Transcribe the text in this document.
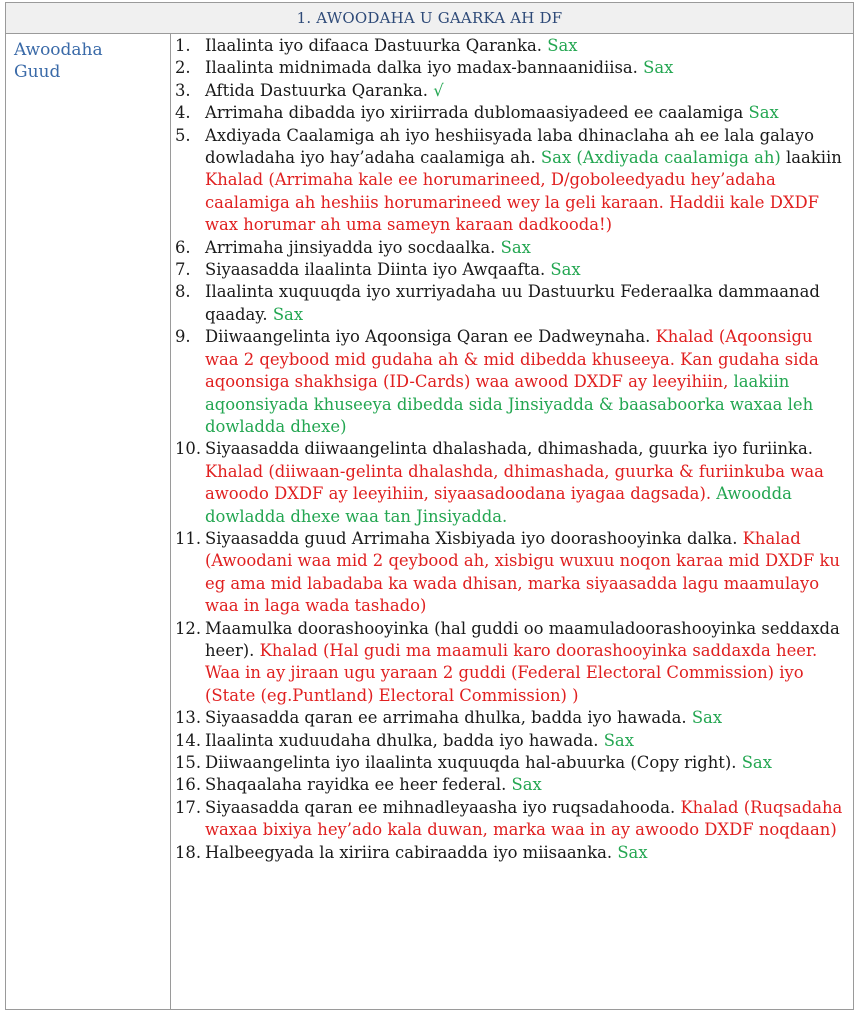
1. AWOODAHA U GAARKA AH DF
Awoodaha
Guud
1. Ilaalinta iyo difaaca Dastuurka Qaranka. Sax
2. Ilaalinta midnimada dalka iyo madax-bannaanidiisa. Sax
3. Aftida Dastuurka Qaranka. √
4. Arrimaha dibadda iyo xiriirrada dublomaasiyadeed ee caalamiga Sax
5. Axdiyada Caalamiga ah iyo heshiisyada laba dhinaclaha ah ee lala galayo dowladaha iyo hay’adaha caalamiga ah. Sax (Axdiyada caalamiga ah) laakiin Khalad (Arrimaha kale ee horumarineed, D/goboleedyadu hey’adaha caalamiga ah heshiis horumarineed wey la geli karaan. Haddii kale DXDF wax horumar ah uma sameyn karaan dadkooda!)
6. Arrimaha jinsiyadda iyo socdaalka. Sax
7. Siyaasadda ilaalinta Diinta iyo Awqaafta. Sax
8. Ilaalinta xuquuqda iyo xurriyadaha uu Dastuurku Federaalka dammaanad qaaday. Sax
9. Diiwaangelinta iyo Aqoonsiga Qaran ee Dadweynaha. Khalad (Aqoonsigu waa 2 qeybood mid gudaha ah & mid dibedda khuseeya. Kan gudaha sida aqoonsiga shakhsiga (ID-Cards) waa awood DXDF ay leeyihiin, laakiin aqoonsiyada khuseeya dibedda sida Jinsiyadda & baasaboorka waxaa leh dowladda dhexe)
10. Siyaasadda diiwaangelinta dhalashada, dhimashada, guurka iyo furiinka. Khalad (diiwaan-gelinta dhalashda, dhimashada, guurka & furiinkuba waa awoodo DXDF ay leeyihiin, siyaasadoodana iyagaa dagsada). Awoodda dowladda dhexe waa tan Jinsiyadda.
11. Siyaasadda guud Arrimaha Xisbiyada iyo doorashooyinka dalka. Khalad (Awoodani waa mid 2 qeybood ah, xisbigu wuxuu noqon karaa mid DXDF ku eg ama mid labadaba ka wada dhisan, marka siyaasadda lagu maamulayo waa in laga wada tashado)
12. Maamulka doorashooyinka (hal guddi oo maamuladoorashooyinka seddaxda heer). Khalad (Hal gudi ma maamuli karo doorashooyinka saddaxda heer. Waa in ay jiraan ugu yaraan 2 guddi (Federal Electoral Commission) iyo (State (eg.Puntland) Electoral Commission) )
13. Siyaasadda qaran ee arrimaha dhulka, badda iyo hawada. Sax
14. Ilaalinta xuduudaha dhulka, badda iyo hawada. Sax
15. Diiwaangelinta iyo ilaalinta xuquuqda hal-abuurka (Copy right). Sax
16. Shaqaalaha rayidka ee heer federal. Sax
17. Siyaasadda qaran ee mihnadleyaasha iyo ruqsadahooda. Khalad (Ruqsadaha waxaa bixiya hey’ado kala duwan, marka waa in ay awoodo DXDF noqdaan)
18. Halbeegyada la xiriira cabiraadda iyo miisaanka. Sax
